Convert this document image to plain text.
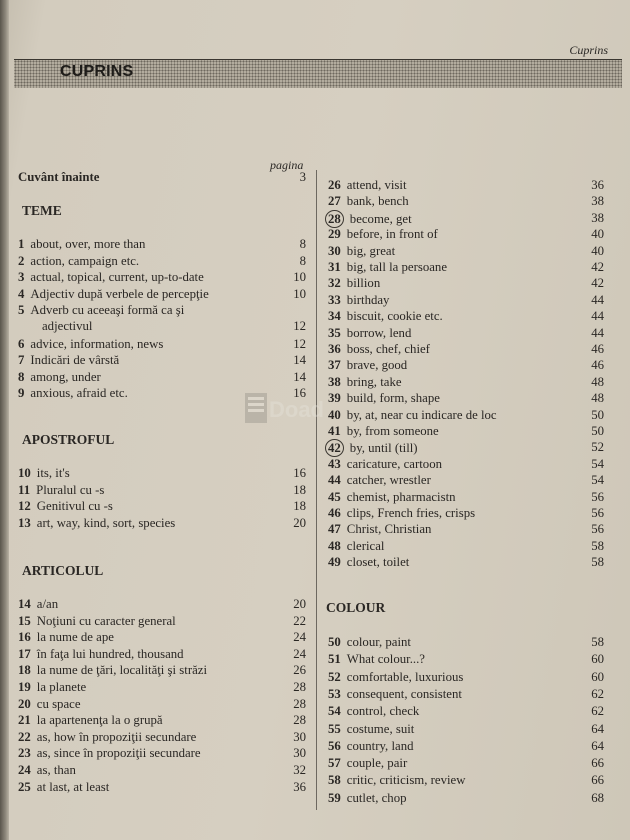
Cuprins
CUPRINS
pagina
Cuvânt înainte	3
TEME
1 about, over, more than	8
2 action, campaign etc.	8
3 actual, topical, current, up-to-date	10
4 Adjectiv după verbele de percepţie	10
5 Adverb cu aceeaşi formă ca şi
adjectivul	12
6 advice, information, news	12
7 Indicări de vârstă	14
8 among, under	14
9 anxious, afraid etc.	16
APOSTROFUL
10 its, it's	16
11 Pluralul cu -s	18
12 Genitivul cu -s	18
13 art, way, kind, sort, species	20
ARTICOLUL
14 a/an	20
15 Noţiuni cu caracter general	22
16 la nume de ape	24
17 în faţa lui hundred, thousand	24
18 la nume de ţări, localităţi şi străzi	26
19 la planete	28
20 cu space	28
21 la apartenenţa la o grupă	28
22 as, how în propoziţii secundare	30
23 as, since în propoziţii secundare	30
24 as, than	32
25 at last, at least	36
26 attend, visit	36
27 bank, bench	38
28 become, get	38
29 before, in front of	40
30 big, great	40
31 big, tall la persoane	42
32 billion	42
33 birthday	44
34 biscuit, cookie etc.	44
35 borrow, lend	44
36 boss, chef, chief	46
37 brave, good	46
38 bring, take	48
39 build, form, shape	48
40 by, at, near cu indicare de loc	50
41 by, from someone	50
42 by, until (till)	52
43 caricature, cartoon	54
44 catcher, wrestler	54
45 chemist, pharmacistn	56
46 clips, French fries, crisps	56
47 Christ, Christian	56
48 clerical	58
49 closet, toilet	58
COLOUR
50 colour, paint	58
51 What colour...?	60
52 comfortable, luxurious	60
53 consequent, consistent	62
54 control, check	62
55 costume, suit	64
56 country, land	64
57 couple, pair	66
58 critic, criticism, review	66
59 cutlet, chop	68
Doad
